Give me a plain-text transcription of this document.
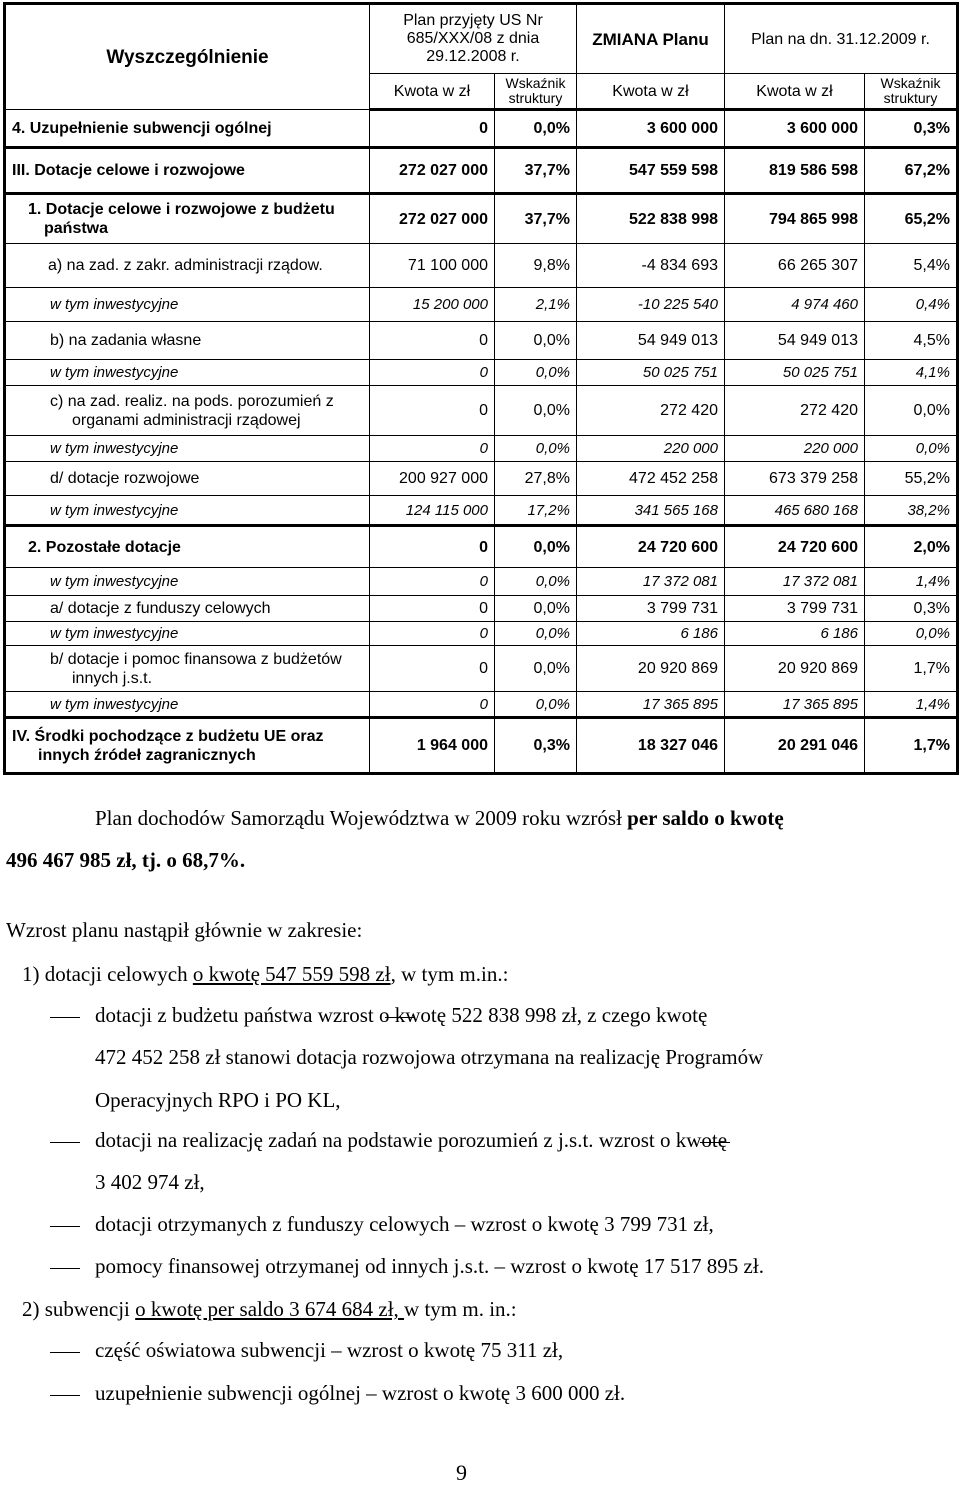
Wyszczególnienie	Plan przyjęty US Nr 685/XXX/08 z dnia 29.12.2008 r.		ZMIANA Planu	Plan na dn. 31.12.2009 r.	
	Kwota w zł	Wskaźnik struktury	Kwota w zł	Kwota w zł	Wskaźnik struktury
4. Uzupełnienie subwencji ogólnej	0	0,0%	3 600 000	3 600 000	0,3%
III. Dotacje celowe i rozwojowe	272 027 000	37,7%	547 559 598	819 586 598	67,2%
1. Dotacje celowe i rozwojowe z budżetu państwa	272 027 000	37,7%	522 838 998	794 865 998	65,2%
a) na zad. z zakr. administracji rządow.	71 100 000	9,8%	-4 834 693	66 265 307	5,4%
w tym inwestycyjne	15 200 000	2,1%	-10 225 540	4 974 460	0,4%
b) na zadania własne	0	0,0%	54 949 013	54 949 013	4,5%
w tym inwestycyjne	0	0,0%	50 025 751	50 025 751	4,1%
c) na zad. realiz. na pods. porozumień z organami administracji rządowej	0	0,0%	272 420	272 420	0,0%
w tym inwestycyjne	0	0,0%	220 000	220 000	0,0%
d/ dotacje rozwojowe	200 927 000	27,8%	472 452 258	673 379 258	55,2%
w tym inwestycyjne	124 115 000	17,2%	341 565 168	465 680 168	38,2%
2. Pozostałe dotacje	0	0,0%	24 720 600	24 720 600	2,0%
w tym inwestycyjne	0	0,0%	17 372 081	17 372 081	1,4%
a/ dotacje z funduszy celowych	0	0,0%	3 799 731	3 799 731	0,3%
w tym inwestycyjne	0	0,0%	6 186	6 186	0,0%
b/ dotacje i pomoc finansowa z budżetów innych j.s.t.	0	0,0%	20 920 869	20 920 869	1,7%
w tym inwestycyjne	0	0,0%	17 365 895	17 365 895	1,4%
IV. Środki pochodzące z budżetu UE oraz innych źródeł zagranicznych	1 964 000	0,3%	18 327 046	20 291 046	1,7%
Plan dochodów Samorządu Województwa w 2009 roku wzrósł per saldo o kwotę
496 467 985 zł, tj. o 68,7%.
Wzrost planu nastąpił głównie w zakresie:
1) dotacji celowych o kwotę 547 559 598 zł, w tym m.in.:
dotacji z budżetu państwa wzrost o kwotę 522 838 998 zł, z czego kwotę
472 452 258 zł stanowi dotacja rozwojowa otrzymana na realizację Programów
Operacyjnych RPO i PO KL,
dotacji na realizację zadań na podstawie porozumień z j.s.t. wzrost o kwotę
3 402 974 zł,
dotacji otrzymanych z funduszy celowych – wzrost o kwotę 3 799 731 zł,
pomocy finansowej otrzymanej od innych j.s.t. – wzrost o kwotę 17 517 895 zł.
2) subwencji o kwotę per saldo 3 674 684 zł, w tym m. in.:
część oświatowa subwencji – wzrost o kwotę 75 311 zł,
uzupełnienie subwencji ogólnej – wzrost o kwotę 3 600 000 zł.
9
